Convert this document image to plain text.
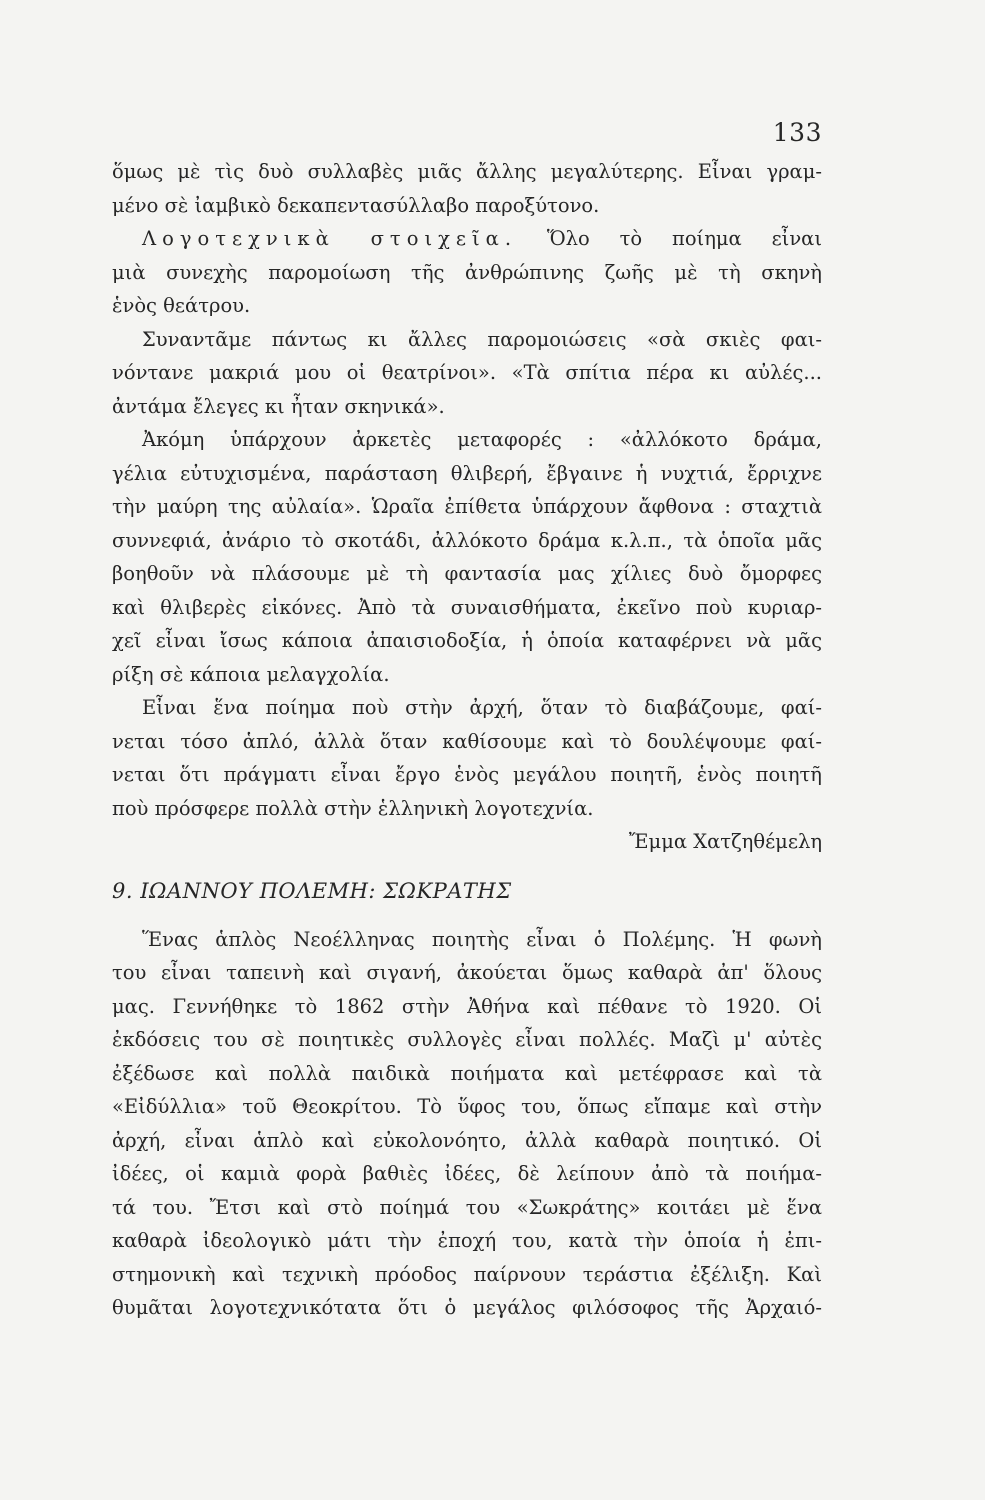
133
ὅμως μὲ τὶς δυὸ συλλαβὲς μιᾶς ἄλλης μεγαλύτερης. Εἶναι γραμ-
μένο σὲ ἰαμβικὸ δεκαπεντασύλλαβο παροξύτονο.
Λογοτεχνικὰ στοιχεῖα. Ὅλο τὸ ποίημα εἶναι
μιὰ συνεχὴς παρομοίωση τῆς ἀνθρώπινης ζωῆς μὲ τὴ σκηνὴ
ἑνὸς θεάτρου.
Συναντᾶμε πάντως κι ἄλλες παρομοιώσεις «σὰ σκιὲς φαι-
νόντανε μακριά μου οἱ θεατρίνοι». «Τὰ σπίτια πέρα κι αὐλές...
ἀντάμα ἔλεγες κι ἦταν σκηνικά».
Ἀκόμη ὑπάρχουν ἀρκετὲς μεταφορές : «ἀλλόκοτο δράμα,
γέλια εὐτυχισμένα, παράσταση θλιβερή, ἔβγαινε ἡ νυχτιά, ἔρριχνε
τὴν μαύρη της αὐλαία». Ὡραῖα ἐπίθετα ὑπάρχουν ἄφθονα : σταχτιὰ
συννεφιά, ἀνάριο τὸ σκοτάδι, ἀλλόκοτο δράμα κ.λ.π., τὰ ὁποῖα μᾶς
βοηθοῦν νὰ πλάσουμε μὲ τὴ φαντασία μας χίλιες δυὸ ὄμορφες
καὶ θλιβερὲς εἰκόνες. Ἀπὸ τὰ συναισθήματα, ἐκεῖνο ποὺ κυριαρ-
χεῖ εἶναι ἴσως κάποια ἀπαισιοδοξία, ἡ ὁποία καταφέρνει νὰ μᾶς
ρίξη σὲ κάποια μελαγχολία.
Εἶναι ἕνα ποίημα ποὺ στὴν ἀρχή, ὅταν τὸ διαβάζουμε, φαί-
νεται τόσο ἁπλό, ἀλλὰ ὅταν καθίσουμε καὶ τὸ δουλέψουμε φαί-
νεται ὅτι πράγματι εἶναι ἔργο ἑνὸς μεγάλου ποιητῆ, ἑνὸς ποιητῆ
ποὺ πρόσφερε πολλὰ στὴν ἑλληνικὴ λογοτεχνία.
Ἔμμα Χατζηθέμελη
9. ΙΩΑΝΝΟΥ ΠΟΛΕΜΗ: ΣΩΚΡΑΤΗΣ
Ἕνας ἁπλὸς Νεοέλληνας ποιητὴς εἶναι ὁ Πολέμης. Ἡ φωνὴ
του εἶναι ταπεινὴ καὶ σιγανή, ἀκούεται ὅμως καθαρὰ ἀπ' ὅλους
μας. Γεννήθηκε τὸ 1862 στὴν Ἀθήνα καὶ πέθανε τὸ 1920. Οἱ
ἐκδόσεις του σὲ ποιητικὲς συλλογὲς εἶναι πολλές. Μαζὶ μ' αὐτὲς
ἐξέδωσε καὶ πολλὰ παιδικὰ ποιήματα καὶ μετέφρασε καὶ τὰ
«Εἰδύλλια» τοῦ Θεοκρίτου. Τὸ ὕφος του, ὅπως εἴπαμε καὶ στὴν
ἀρχή, εἶναι ἁπλὸ καὶ εὐκολονόητο, ἀλλὰ καθαρὰ ποιητικό. Οἱ
ἰδέες, οἱ καμιὰ φορὰ βαθιὲς ἰδέες, δὲ λείπουν ἀπὸ τὰ ποιήμα-
τά του. Ἔτσι καὶ στὸ ποίημά του «Σωκράτης» κοιτάει μὲ ἕνα
καθαρὰ ἰδεολογικὸ μάτι τὴν ἐποχή του, κατὰ τὴν ὁποία ἡ ἐπι-
στημονικὴ καὶ τεχνικὴ πρόοδος παίρνουν τεράστια ἐξέλιξη. Καὶ
θυμᾶται λογοτεχνικότατα ὅτι ὁ μεγάλος φιλόσοφος τῆς Ἀρχαιό-
